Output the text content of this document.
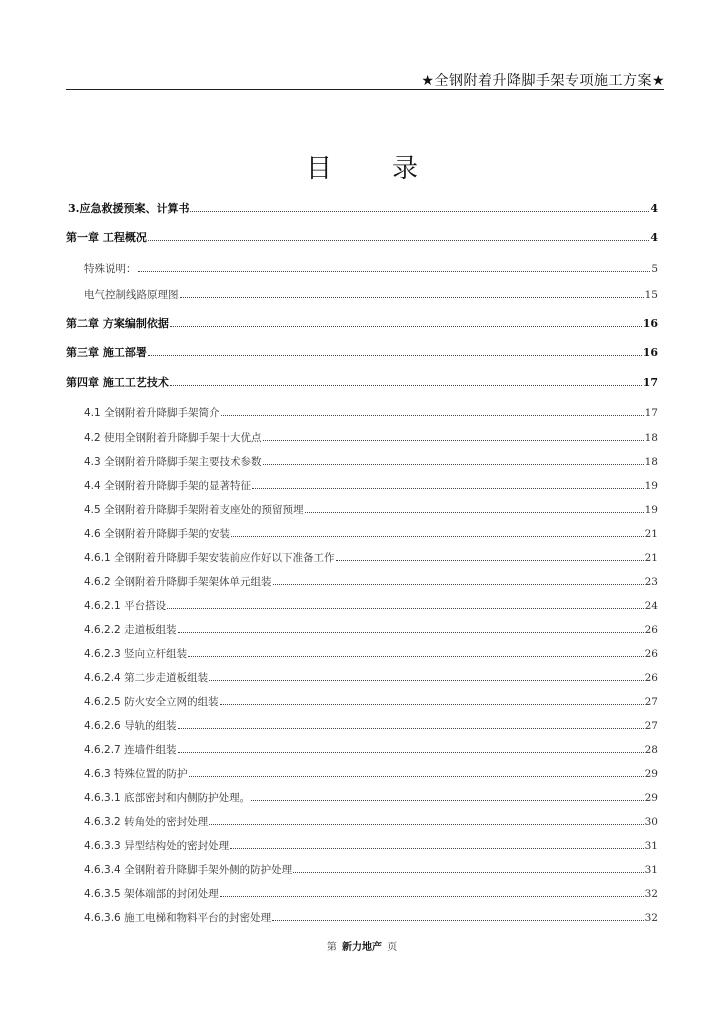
★全钢附着升降脚手架专项施工方案★
目录
3.应急救援预案、计算书	4
第一章 工程概况	4
特殊说明：	5
电气控制线路原理图	15
第二章 方案编制依据	16
第三章 施工部署	16
第四章 施工工艺技术	17
4.1 全钢附着升降脚手架简介	17
4.2 使用全钢附着升降脚手架十大优点	18
4.3 全钢附着升降脚手架主要技术参数	18
4.4 全钢附着升降脚手架的显著特征	19
4.5 全钢附着升降脚手架附着支座处的预留预埋	19
4.6 全钢附着升降脚手架的安装	21
4.6.1 全钢附着升降脚手架安装前应作好以下准备工作	21
4.6.2 全钢附着升降脚手架架体单元组装	23
4.6.2.1 平台搭设	24
4.6.2.2 走道板组装	26
4.6.2.3 竖向立杆组装	26
4.6.2.4 第二步走道板组装	26
4.6.2.5 防火安全立网的组装	27
4.6.2.6 导轨的组装	27
4.6.2.7 连墙件组装	28
4.6.3 特殊位置的防护	29
4.6.3.1 底部密封和内侧防护处理。	29
4.6.3.2 转角处的密封处理	30
4.6.3.3 异型结构处的密封处理	31
4.6.3.4 全钢附着升降脚手架外侧的防护处理	31
4.6.3.5 架体端部的封闭处理	32
4.6.3.6 施工电梯和物料平台的封密处理	32
第 新力地产 页
